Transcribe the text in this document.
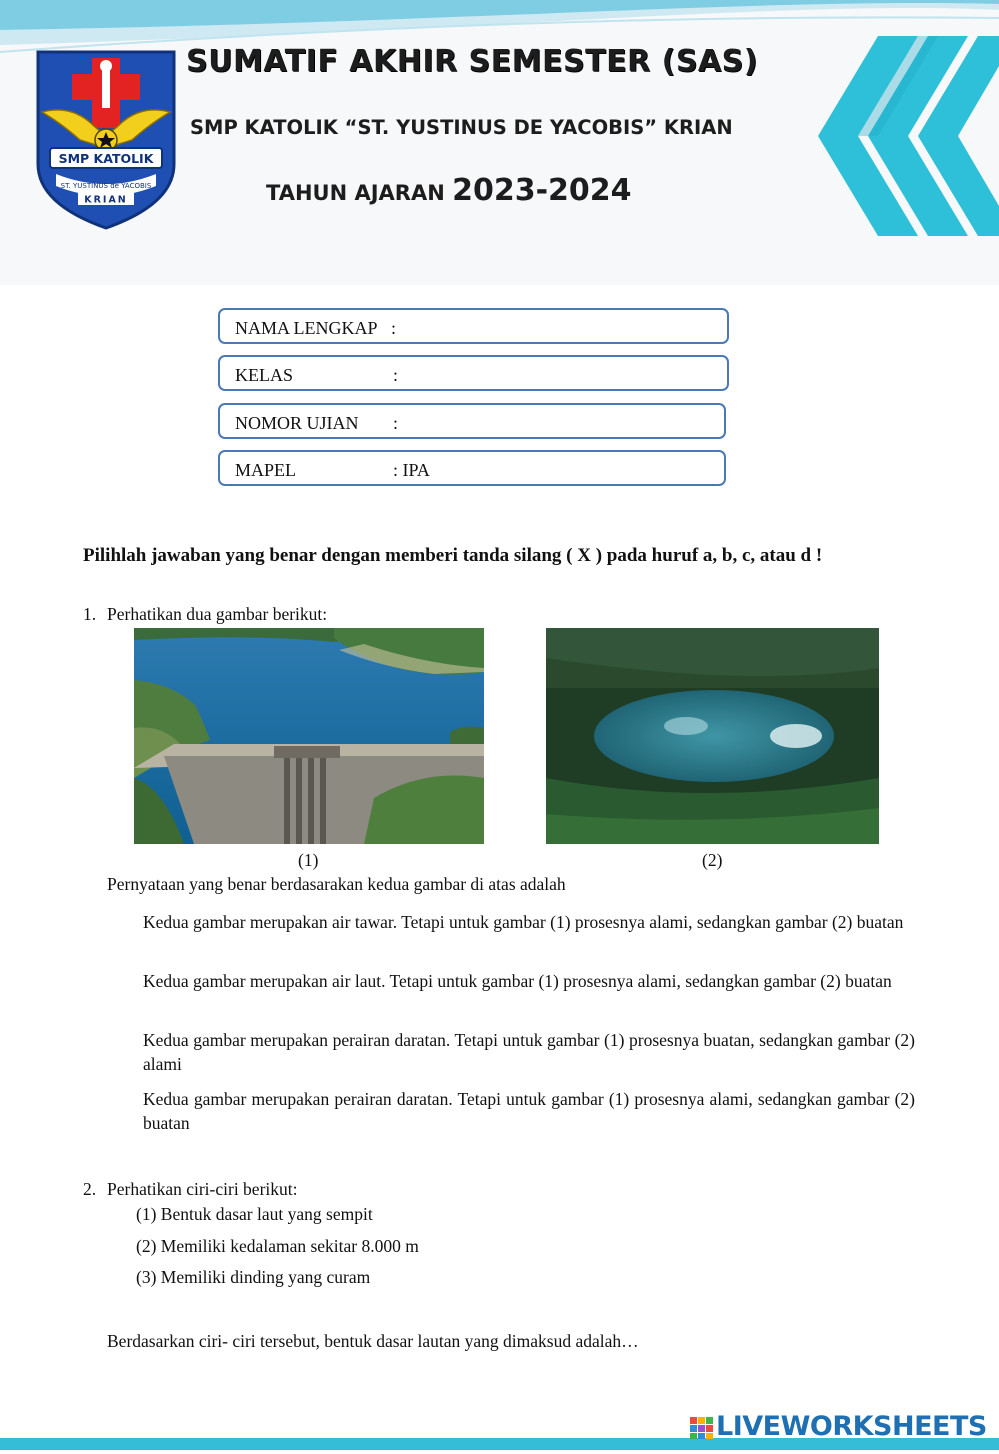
SMP KATOLIK
ST. YUSTINUS de YACOBIS
KRIAN
SUMATIF AKHIR SEMESTER (SAS)
SMP KATOLIK “ST. YUSTINUS DE YACOBIS” KRIAN
TAHUN AJARAN 2023-2024
NAMA LENGKAP :
KELAS	:
NOMOR UJIAN :
MAPEL	: IPA
Pilihlah jawaban yang benar dengan memberi tanda silang ( X ) pada huruf a, b, c, atau d !
1. Perhatikan dua gambar berikut:
(1)	(2)
Pernyataan yang benar berdasarakan kedua gambar di atas adalah
Kedua gambar merupakan air tawar. Tetapi untuk gambar (1) prosesnya alami, sedangkan gambar (2) buatan
Kedua gambar merupakan air laut. Tetapi untuk gambar (1) prosesnya alami, sedangkan gambar (2) buatan
Kedua gambar merupakan perairan daratan. Tetapi untuk gambar (1) prosesnya buatan, sedangkan gambar (2) alami
Kedua gambar merupakan perairan daratan. Tetapi untuk gambar (1) prosesnya alami, sedangkan gambar (2) buatan
2. Perhatikan ciri-ciri berikut:
(1) Bentuk dasar laut yang sempit
(2) Memiliki kedalaman sekitar 8.000 m
(3) Memiliki dinding yang curam
Berdasarkan ciri- ciri tersebut, bentuk dasar lautan yang dimaksud adalah…
LIVEWORKSHEETS
